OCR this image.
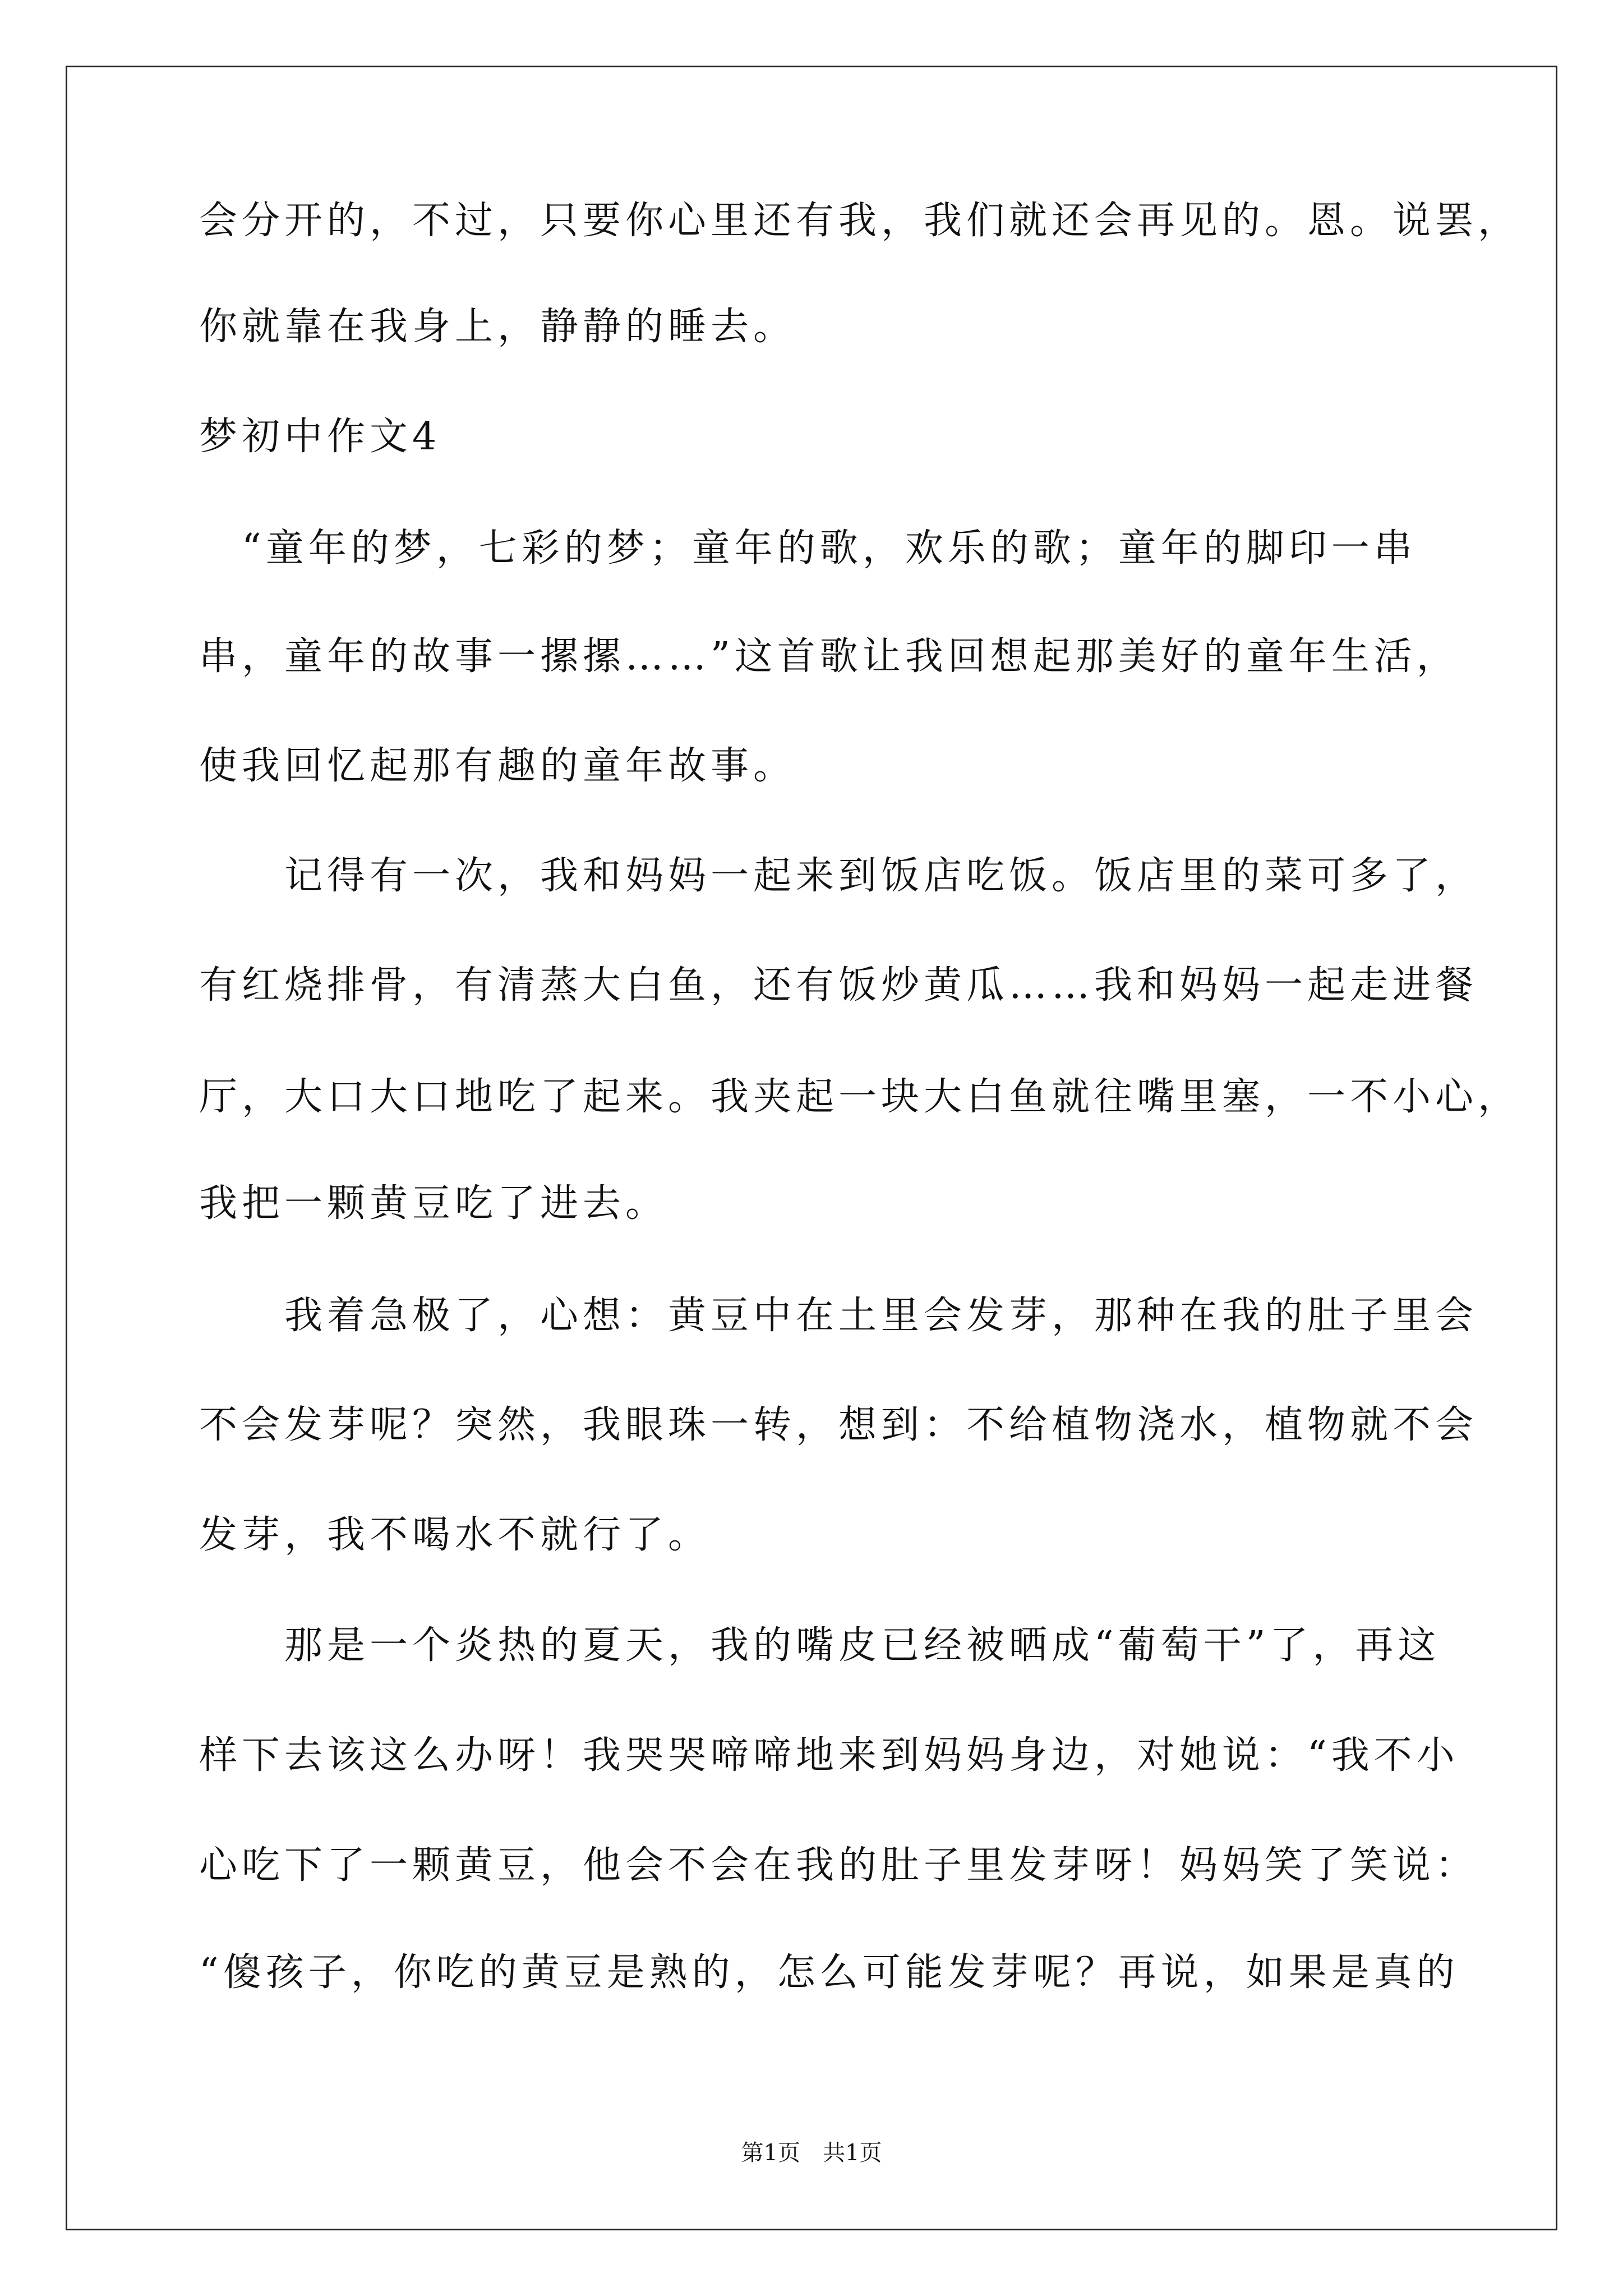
会分开的，不过，只要你心里还有我，我们就还会再见的。恩。说罢，
你就靠在我身上，静静的睡去。
梦初中作文4
　“童年的梦，七彩的梦；童年的歌，欢乐的歌；童年的脚印一串
串，童年的故事一摞摞……”这首歌让我回想起那美好的童年生活，
使我回忆起那有趣的童年故事。
　　记得有一次，我和妈妈一起来到饭店吃饭。饭店里的菜可多了，
有红烧排骨，有清蒸大白鱼，还有饭炒黄瓜……我和妈妈一起走进餐
厅，大口大口地吃了起来。我夹起一块大白鱼就往嘴里塞，一不小心，
我把一颗黄豆吃了进去。
　　我着急极了，心想：黄豆中在土里会发芽，那种在我的肚子里会
不会发芽呢？突然，我眼珠一转，想到：不给植物浇水，植物就不会
发芽，我不喝水不就行了。
　　那是一个炎热的夏天，我的嘴皮已经被晒成“葡萄干”了，再这
样下去该这么办呀！我哭哭啼啼地来到妈妈身边，对她说：“我不小
心吃下了一颗黄豆，他会不会在我的肚子里发芽呀！妈妈笑了笑说：
“傻孩子，你吃的黄豆是熟的，怎么可能发芽呢？再说，如果是真的
第1页　共1页
